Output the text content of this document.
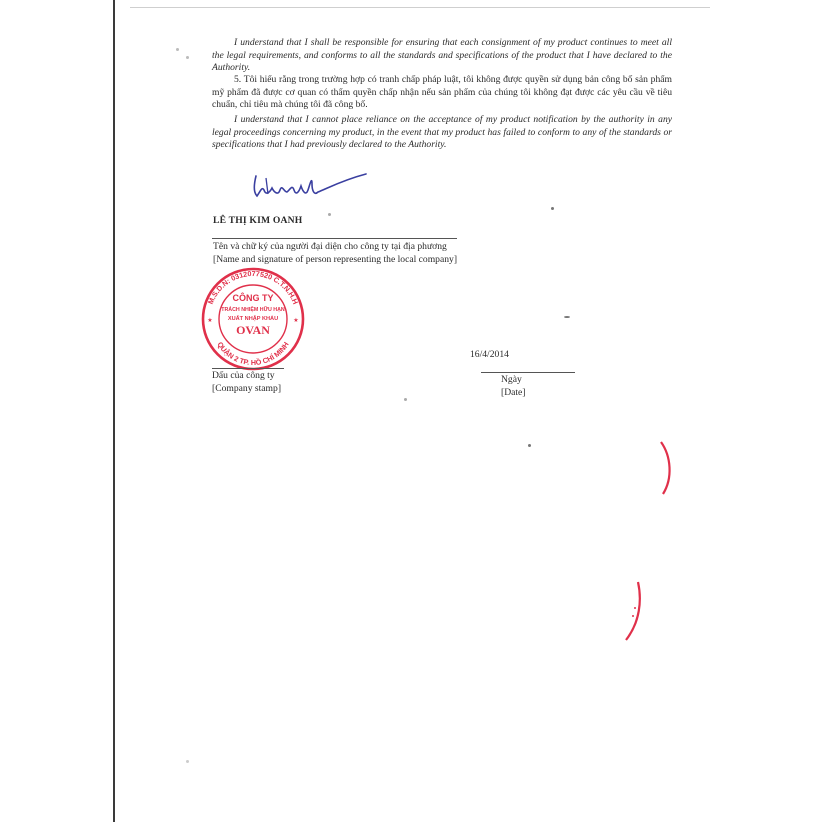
I understand that I shall be responsible for ensuring that each consignment of my product continues to meet all the legal requirements, and conforms to all the standards and specifications of the product that I have declared to the Authority.

5. Tôi hiểu rằng trong trường hợp có tranh chấp pháp luật, tôi không được quyền sử dụng bản công bố sản phẩm mỹ phẩm đã được cơ quan có thẩm quyền chấp nhận nếu sản phẩm của chúng tôi không đạt được các yêu cầu về tiêu chuẩn, chỉ tiêu mà chúng tôi đã công bố.

I understand that I cannot place reliance on the acceptance of my product notification by the authority in any legal proceedings concerning my product, in the event that my product has failed to conform to any of the standards or specifications that I had previously declared to the Authority.

LÊ THỊ KIM OANH
Tên và chữ ký của người đại diện cho công ty tại địa phương
[Name and signature of person representing the local company]
M.S.D.N: 0312077520 C.T.N.H.H
QUẬN 2 TP. HỒ CHÍ MINH
CÔNG TY
TRÁCH NHIỆM HỮU HẠN
XUẤT NHẬP KHẨU
OVAN
★	★
Dấu của công ty
[Company stamp]
16/4/2014
Ngày
[Date]
